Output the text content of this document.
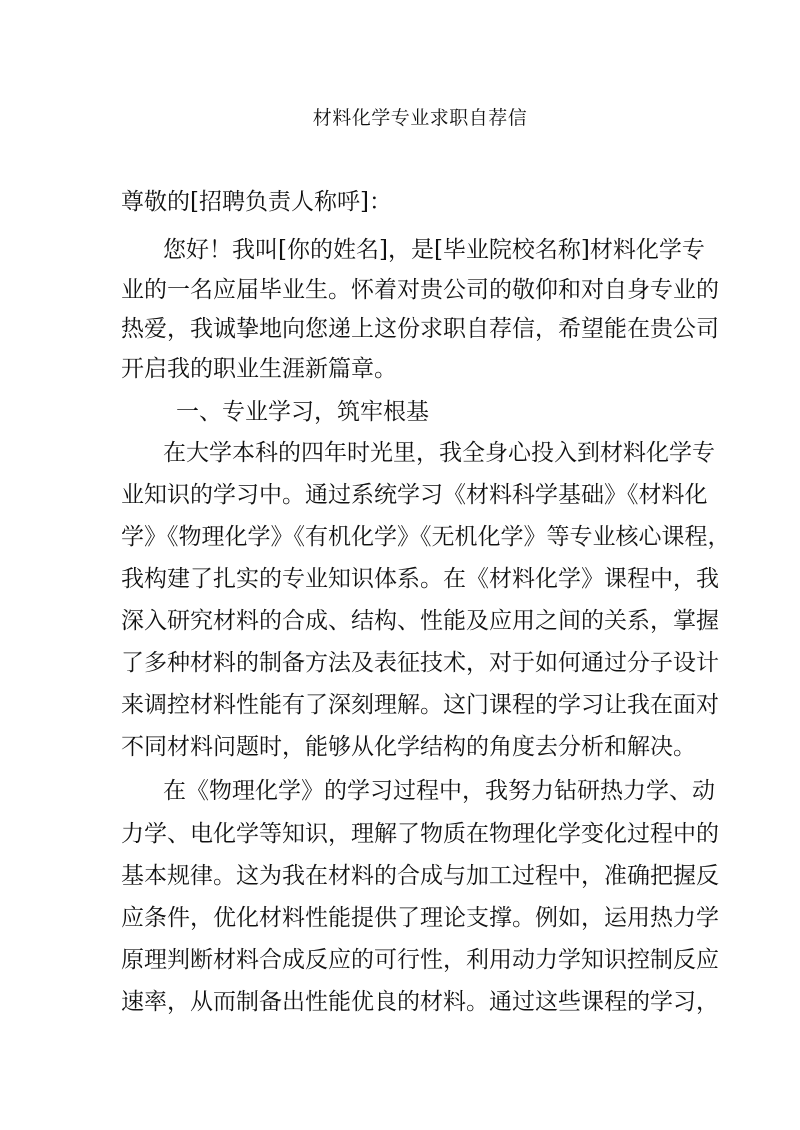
材料化学专业求职自荐信
尊敬的[招聘负责人称呼]：
您好！我叫[你的姓名]，是[毕业院校名称]材料化学专
业的一名应届毕业生。怀着对贵公司的敬仰和对自身专业的
热爱，我诚挚地向您递上这份求职自荐信，希望能在贵公司
开启我的职业生涯新篇章。
一、专业学习，筑牢根基
在大学本科的四年时光里，我全身心投入到材料化学专
业知识的学习中。通过系统学习《材料科学基础》《材料化
学》《物理化学》《有机化学》《无机化学》等专业核心课程，
我构建了扎实的专业知识体系。在《材料化学》课程中，我
深入研究材料的合成、结构、性能及应用之间的关系，掌握
了多种材料的制备方法及表征技术，对于如何通过分子设计
来调控材料性能有了深刻理解。这门课程的学习让我在面对
不同材料问题时，能够从化学结构的角度去分析和解决。
在《物理化学》的学习过程中，我努力钻研热力学、动
力学、电化学等知识，理解了物质在物理化学变化过程中的
基本规律。这为我在材料的合成与加工过程中，准确把握反
应条件，优化材料性能提供了理论支撑。例如，运用热力学
原理判断材料合成反应的可行性，利用动力学知识控制反应
速率，从而制备出性能优良的材料。通过这些课程的学习，
